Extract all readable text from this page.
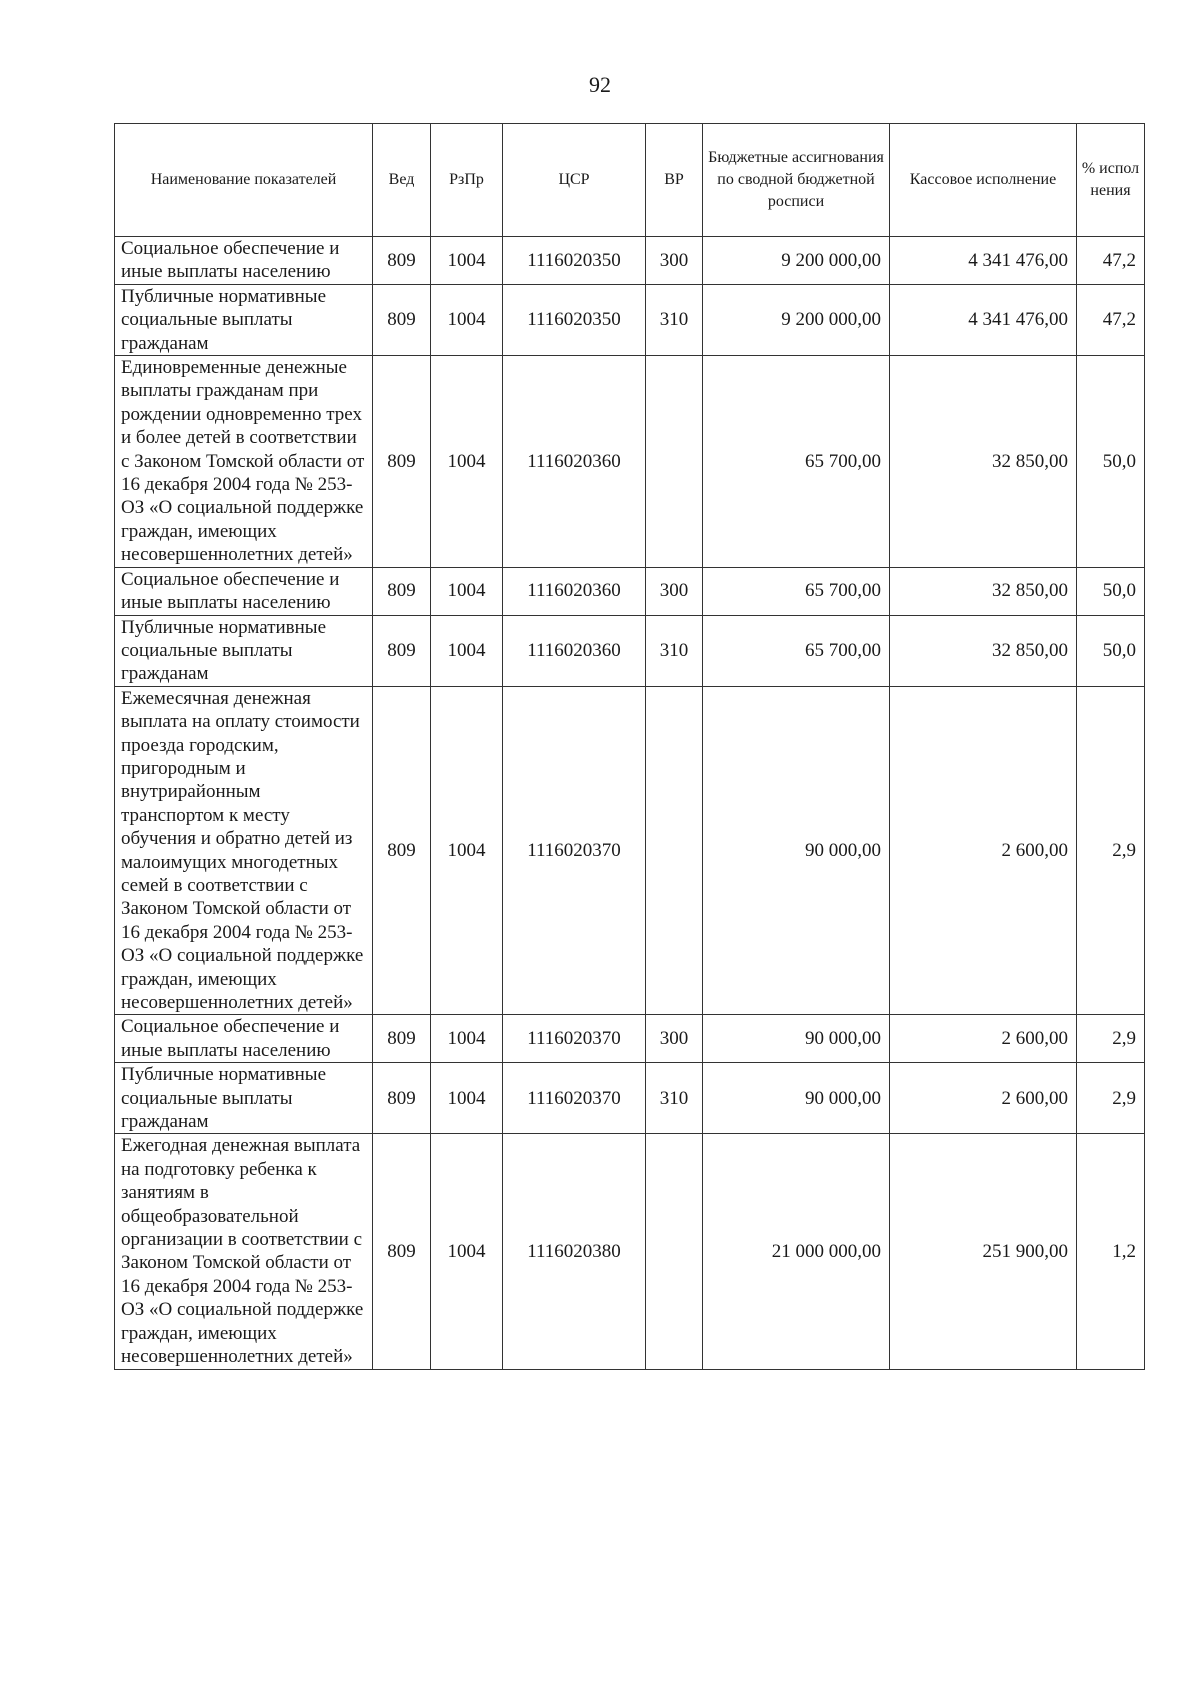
92
Наименование показателей	Вед	РзПр	ЦСР	ВР	Бюджетные ассигнования по сводной бюджетной росписи	Кассовое исполнение	% испол нения
Социальное обеспечение и иные выплаты населению	809	1004	1116020350	300	9 200 000,00	4 341 476,00	47,2
Публичные нормативные социальные выплаты гражданам	809	1004	1116020350	310	9 200 000,00	4 341 476,00	47,2
Единовременные денежные выплаты гражданам при рождении одновременно трех и более детей в соответствии с Законом Томской области от 16 декабря 2004 года № 253-ОЗ «О социальной поддержке граждан, имеющих несовершеннолетних детей»	809	1004	1116020360		65 700,00	32 850,00	50,0
Социальное обеспечение и иные выплаты населению	809	1004	1116020360	300	65 700,00	32 850,00	50,0
Публичные нормативные социальные выплаты гражданам	809	1004	1116020360	310	65 700,00	32 850,00	50,0
Ежемесячная денежная выплата на оплату стоимости проезда городским, пригородным и внутрирайонным транспортом к месту обучения и обратно детей из малоимущих многодетных семей в соответствии с Законом Томской области от 16 декабря 2004 года № 253-ОЗ «О социальной поддержке граждан, имеющих несовершеннолетних детей»	809	1004	1116020370		90 000,00	2 600,00	2,9
Социальное обеспечение и иные выплаты населению	809	1004	1116020370	300	90 000,00	2 600,00	2,9
Публичные нормативные социальные выплаты гражданам	809	1004	1116020370	310	90 000,00	2 600,00	2,9
Ежегодная денежная выплата на подготовку ребенка к занятиям в общеобразовательной организации в соответствии с Законом Томской области от 16 декабря 2004 года № 253-ОЗ «О социальной поддержке граждан, имеющих несовершеннолетних детей»	809	1004	1116020380		21 000 000,00	251 900,00	1,2
